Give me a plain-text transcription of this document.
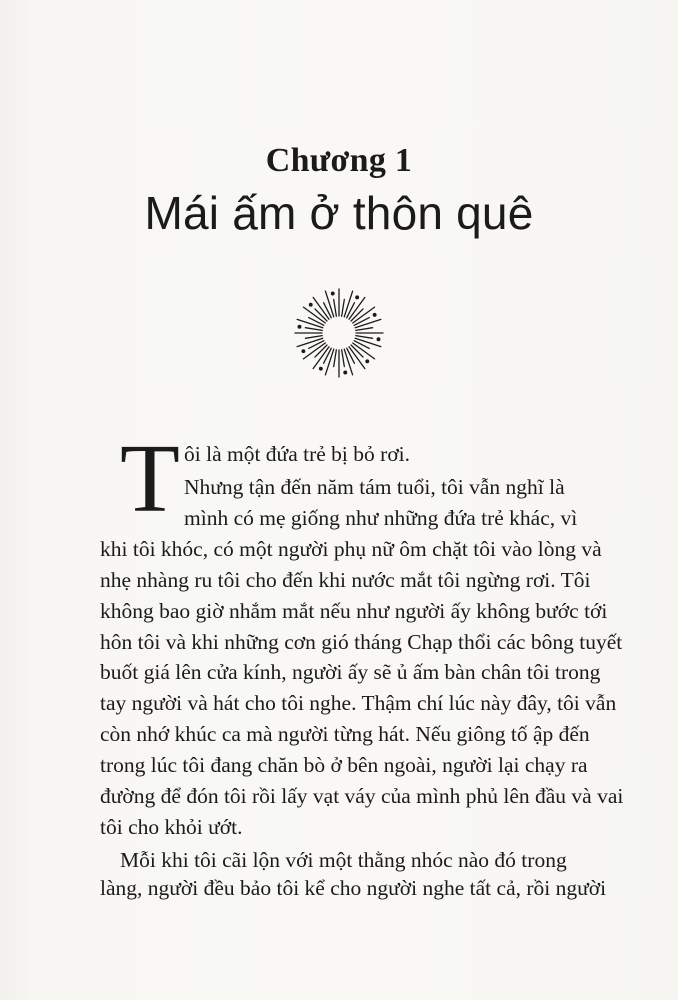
Chương 1
Mái ấm ở thôn quê
T ôi là một đứa trẻ bị bỏ rơi.
Nhưng tận đến năm tám tuổi, tôi vẫn nghĩ là
mình có mẹ giống như những đứa trẻ khác, vì
khi tôi khóc, có một người phụ nữ ôm chặt tôi vào lòng và
nhẹ nhàng ru tôi cho đến khi nước mắt tôi ngừng rơi. Tôi
không bao giờ nhắm mắt nếu như người ấy không bước tới
hôn tôi và khi những cơn gió tháng Chạp thổi các bông tuyết
buốt giá lên cửa kính, người ấy sẽ ủ ấm bàn chân tôi trong
tay người và hát cho tôi nghe. Thậm chí lúc này đây, tôi vẫn
còn nhớ khúc ca mà người từng hát. Nếu giông tố ập đến
trong lúc tôi đang chăn bò ở bên ngoài, người lại chạy ra
đường để đón tôi rồi lấy vạt váy của mình phủ lên đầu và vai
tôi cho khỏi ướt.
Mỗi khi tôi cãi lộn với một thằng nhóc nào đó trong
làng, người đều bảo tôi kể cho người nghe tất cả, rồi người
